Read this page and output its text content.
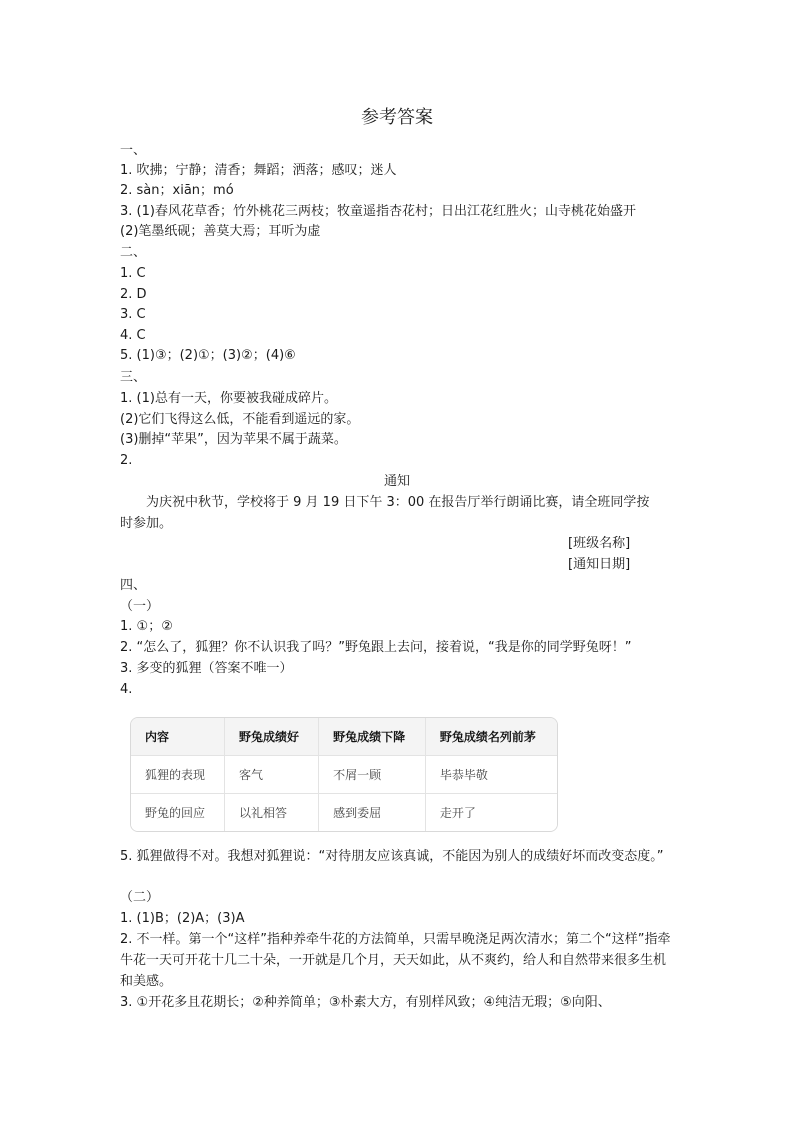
参考答案
一、
1. 吹拂；宁静；清香；舞蹈；洒落；感叹；迷人
2. sàn；xiān；mó
3. (1)春风花草香；竹外桃花三两枝；牧童遥指杏花村；日出江花红胜火；山寺桃花始盛开
(2)笔墨纸砚；善莫大焉；耳听为虚
二、
1. C
2. D
3. C
4. C
5. (1)③；(2)①；(3)②；(4)⑥
三、
1. (1)总有一天，你要被我碰成碎片。
(2)它们飞得这么低，不能看到遥远的家。
(3)删掉“苹果”，因为苹果不属于蔬菜。
2.
通知
为庆祝中秋节，学校将于 9 月 19 日下午 3：00 在报告厅举行朗诵比赛，请全班同学按
时参加。
[班级名称]
[通知日期]
四、
（一）
1. ①；②
2. “怎么了，狐狸？你不认识我了吗？”野兔跟上去问，接着说，“我是你的同学野兔呀！”
3. 多变的狐狸（答案不唯一）
4.
内容	野兔成绩好	野兔成绩下降	野兔成绩名列前茅
狐狸的表现	客气	不屑一顾	毕恭毕敬
野兔的回应	以礼相答	感到委屈	走开了
5. 狐狸做得不对。我想对狐狸说：“对待朋友应该真诚，不能因为别人的成绩好坏而改变态度。”
（二）
1. (1)B；(2)A；(3)A
2. 不一样。第一个“这样”指种养牵牛花的方法简单，只需早晚浇足两次清水；第二个“这样”指牵牛花一天可开花十几二十朵，一开就是几个月，天天如此，从不爽约，给人和自然带来很多生机和美感。
3. ①开花多且花期长；②种养简单；③朴素大方，有别样风致；④纯洁无瑕；⑤向阳、
